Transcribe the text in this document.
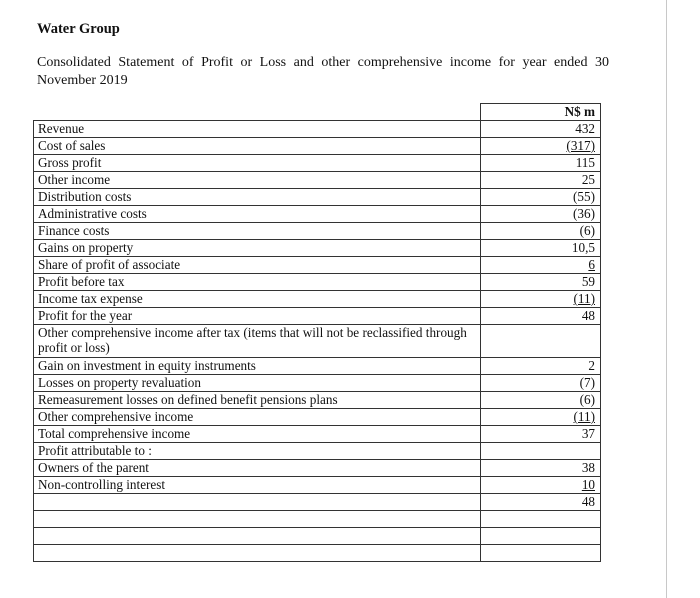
Water Group
Consolidated Statement of Profit or Loss and other comprehensive income for year ended 30 November 2019
	N$ m
Revenue	432
Cost of sales	(317)
Gross profit	115
Other income	25
Distribution costs	(55)
Administrative costs	(36)
Finance costs	(6)
Gains on property	10,5
Share of profit of associate	6
Profit before tax	59
Income tax expense	(11)
Profit for the year	48
Other comprehensive income after tax (items that will not be reclassified through profit or loss)	
Gain on investment in equity instruments	2
Losses on property revaluation	(7)
Remeasurement losses on defined benefit pensions plans	(6)
Other comprehensive income	(11)
Total comprehensive income	37
Profit attributable to :	
Owners of the parent	38
Non-controlling interest	10
	48
